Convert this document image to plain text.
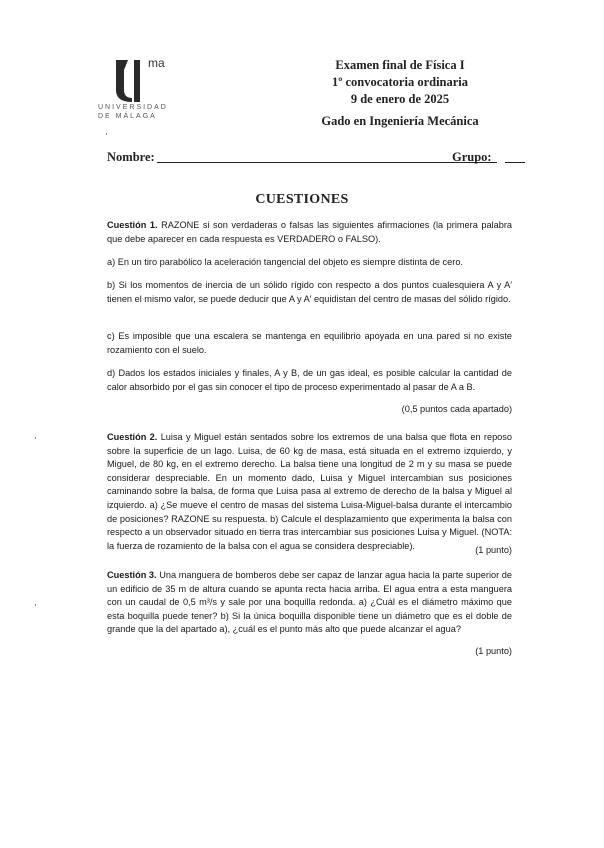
ma
UNIVERSIDAD
DE MÁLAGA
Examen final de Física I
1º convocatoria ordinaria
9 de enero de 2025
Gado en Ingeniería Mecánica
Nombre:	Grupo:
CUESTIONES
Cuestión 1. RAZONE si son verdaderas o falsas las siguientes afirmaciones (la primera palabra que debe aparecer en cada respuesta es VERDADERO o FALSO).
a) En un tiro parabólico la aceleración tangencial del objeto es siempre distinta de cero.
b) Si los momentos de inercia de un sólido rígido con respecto a dos puntos cualesquiera A y A′ tienen el mismo valor, se puede deducir que A y A′ equidistan del centro de masas del sólido rígido.
c) Es imposible que una escalera se mantenga en equilibrio apoyada en una pared si no existe rozamiento con el suelo.
d) Dados los estados iniciales y finales, A y B, de un gas ideal, es posible calcular la cantidad de calor absorbido por el gas sin conocer el tipo de proceso experimentado al pasar de A a B.
(0,5 puntos cada apartado)
Cuestión 2. Luisa y Miguel están sentados sobre los extremos de una balsa que flota en reposo sobre la superficie de un lago. Luisa, de 60 kg de masa, está situada en el extremo izquierdo, y Miguel, de 80 kg, en el extremo derecho. La balsa tiene una longitud de 2 m y su masa se puede considerar despreciable. En un momento dado, Luisa y Miguel intercambian sus posiciones caminando sobre la balsa, de forma que Luisa pasa al extremo de derecho de la balsa y Miguel al izquierdo. a) ¿Se mueve el centro de masas del sistema Luisa-Miguel-balsa durante el intercambio de posiciones? RAZONE su respuesta. b) Calcule el desplazamiento que experimenta la balsa con respecto a un observador situado en tierra tras intercambiar sus posiciones Luisa y Miguel. (NOTA: la fuerza de rozamiento de la balsa con el agua se considera despreciable).	(1 punto)
Cuestión 3. Una manguera de bomberos debe ser capaz de lanzar agua hacia la parte superior de un edificio de 35 m de altura cuando se apunta recta hacia arriba. El agua entra a esta manguera con un caudal de 0,5 m³/s y sale por una boquilla redonda. a) ¿Cuál es el diámetro máximo que esta boquilla puede tener? b) Si la única boquilla disponible tiene un diámetro que es el doble de grande que la del apartado a), ¿cuál es el punto más alto que puede alcanzar el agua?
(1 punto)
